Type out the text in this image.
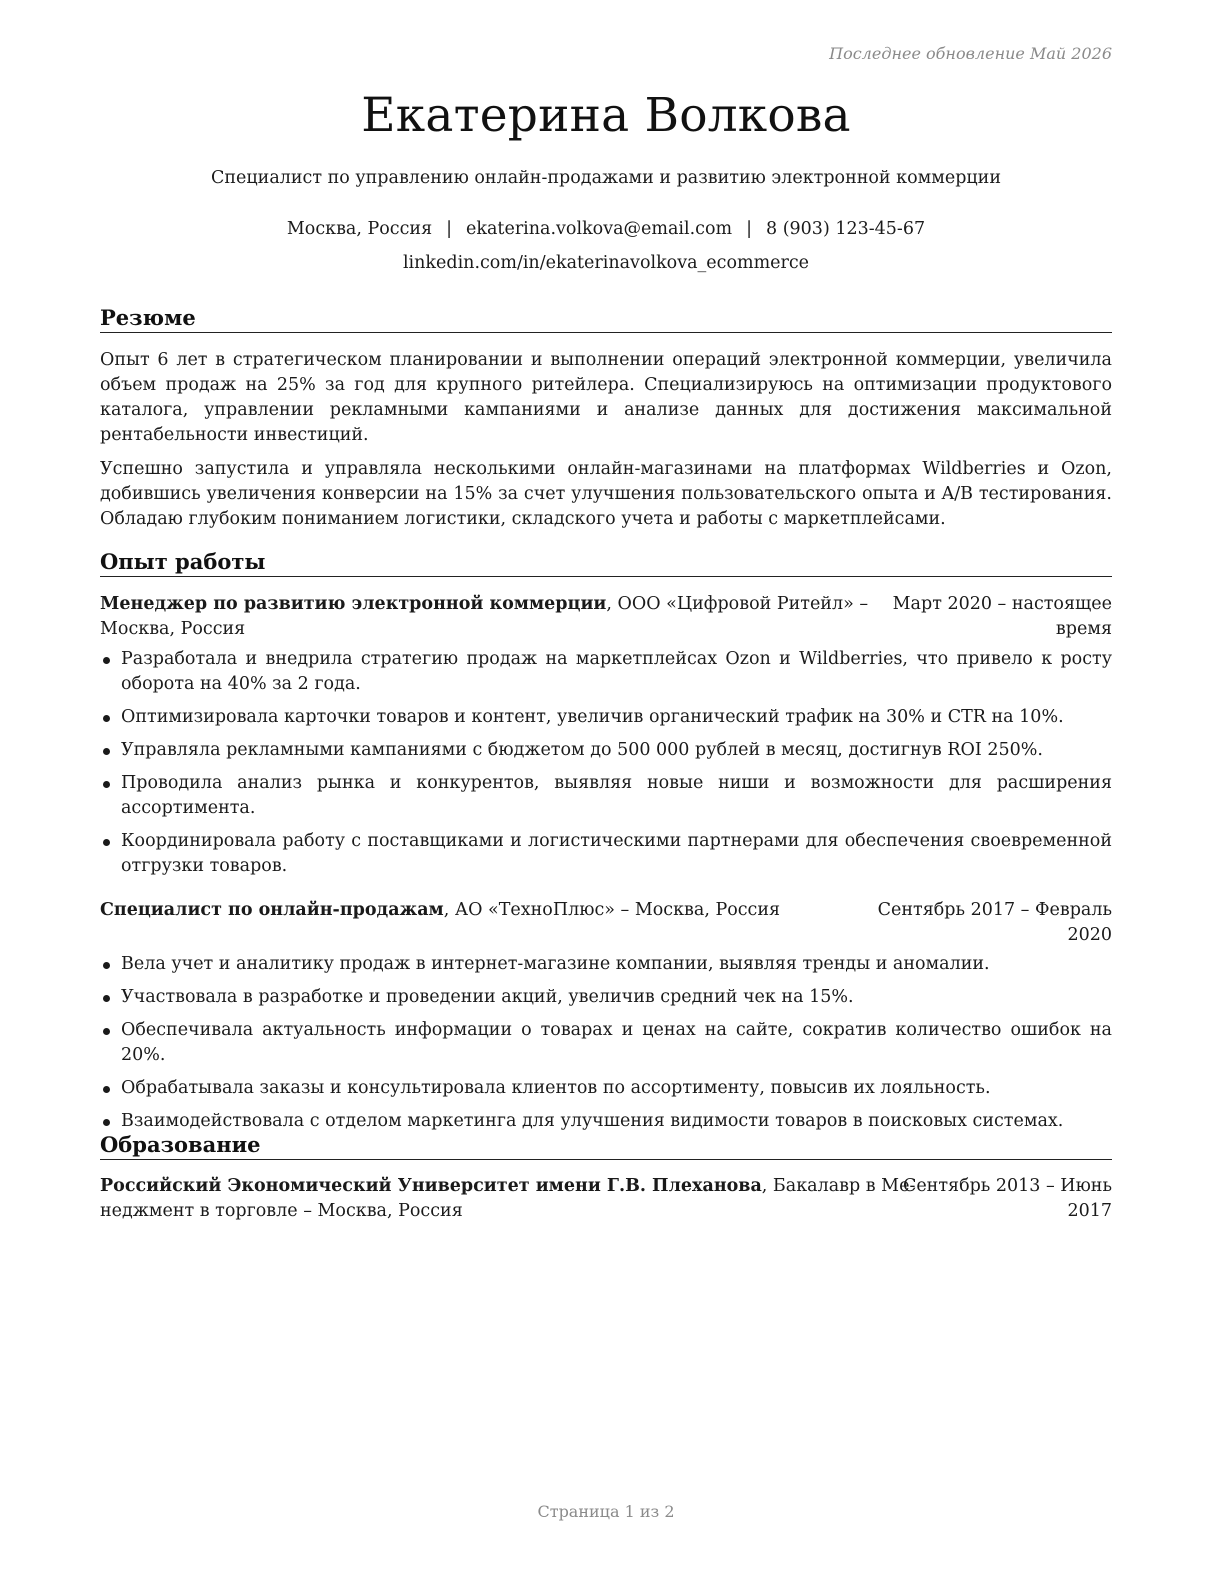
Последнее обновление Май 2026
Екатерина Волкова
Специалист по управлению онлайн-продажами и развитию электронной коммерции
Москва, Россия | ekaterina.volkova@email.com | 8 (903) 123-45-67
linkedin.com/in/ekaterinavolkova_ecommerce
Резюме

Опыт 6 лет в стратегическом планировании и выполнении операций электронной коммерции, увеличила объем продаж на 25% за год для крупного ритейлера. Специализируюсь на оптимизации продуктового каталога, управлении рекламными кампаниями и анализе данных для достижения максимальной рентабельности инвестиций.

Успешно запустила и управляла несколькими онлайн-магазинами на платформах Wildberries и Ozon, добившись увеличения конверсии на 15% за счет улучшения пользовательского опыта и A/B тестирования. Обладаю глубоким пониманием логистики, складского учета и работы с маркетплейсами.

Опыт работы
Менеджер по развитию электронной коммерции, ООО «Цифровой Ритейл» –
Москва, Россия
Март 2020 – настоящее
время
Разработала и внедрила стратегию продаж на маркетплейсах Ozon и Wildberries, что привело к росту оборота на 40% за 2 года.
Оптимизировала карточки товаров и контент, увеличив органический трафик на 30% и CTR на 10%.
Управляла рекламными кампаниями с бюджетом до 500 000 рублей в месяц, достигнув ROI 250%.
Проводила анализ рынка и конкурентов, выявляя новые ниши и возможности для расширения ассортимента.
Координировала работу с поставщиками и логистическими партнерами для обеспечения своевременной отгрузки товаров.
Специалист по онлайн-продажам, АО «ТехноПлюс» – Москва, Россия	Сентябрь 2017 – Февраль
2020
Вела учет и аналитику продаж в интернет-магазине компании, выявляя тренды и аномалии.
Участвовала в разработке и проведении акций, увеличив средний чек на 15%.
Обеспечивала актуальность информации о товарах и ценах на сайте, сократив количество ошибок на 20%.
Обрабатывала заказы и консультировала клиентов по ассортименту, повысив их лояльность.
Взаимодействовала с отделом маркетинга для улучшения видимости товаров в поисковых системах.
Образование
Российский Экономический Университет имени Г.В. Плеханова, Бакалавр в Ме-
неджмент в торговле – Москва, Россия
Сентябрь 2013 – Июнь
2017
Страница 1 из 2
